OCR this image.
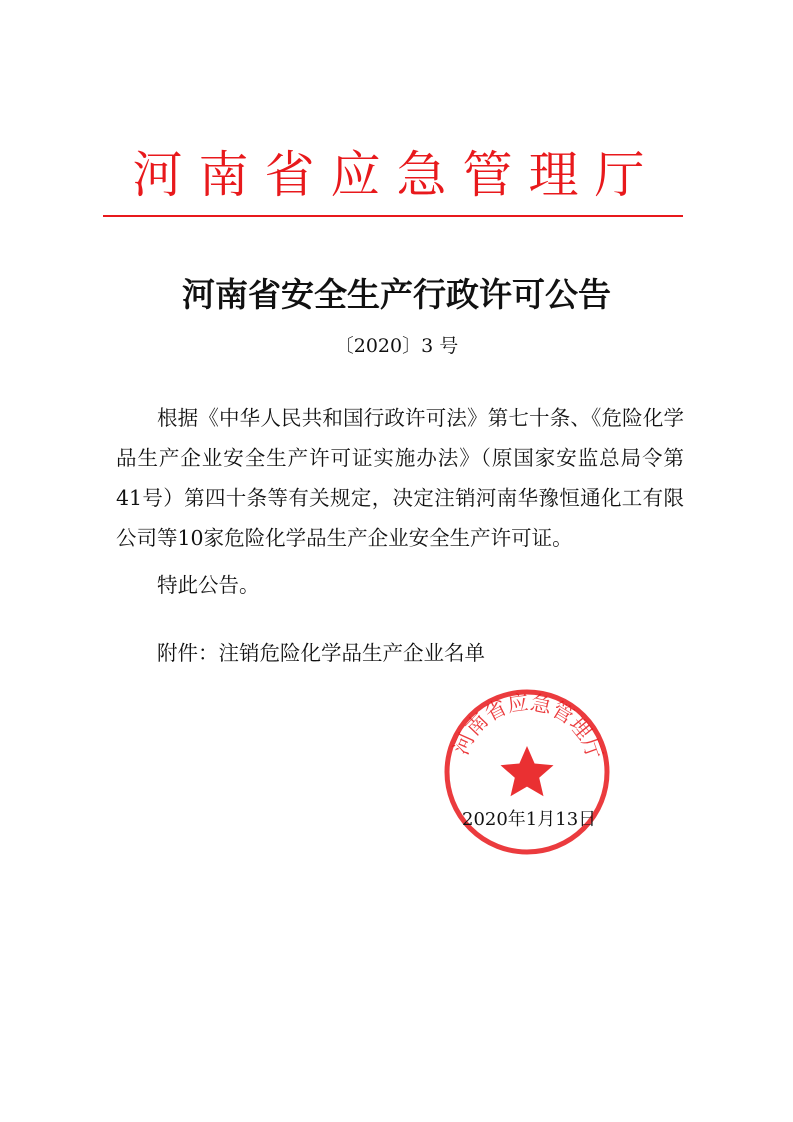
河南省应急管理厅
河南省安全生产行政许可公告
〔2020〕3 号

根据《中华人民共和国行政许可法》第七十条、《危险化学品生产企业安全生产许可证实施办法》（原国家安监总局令第41号）第四十条等有关规定，决定注销河南华豫恒通化工有限公司等10家危险化学品生产企业安全生产许可证。

特此公告。

附件：注销危险化学品生产企业名单
河南省应急管理厅
2020年1月13日
